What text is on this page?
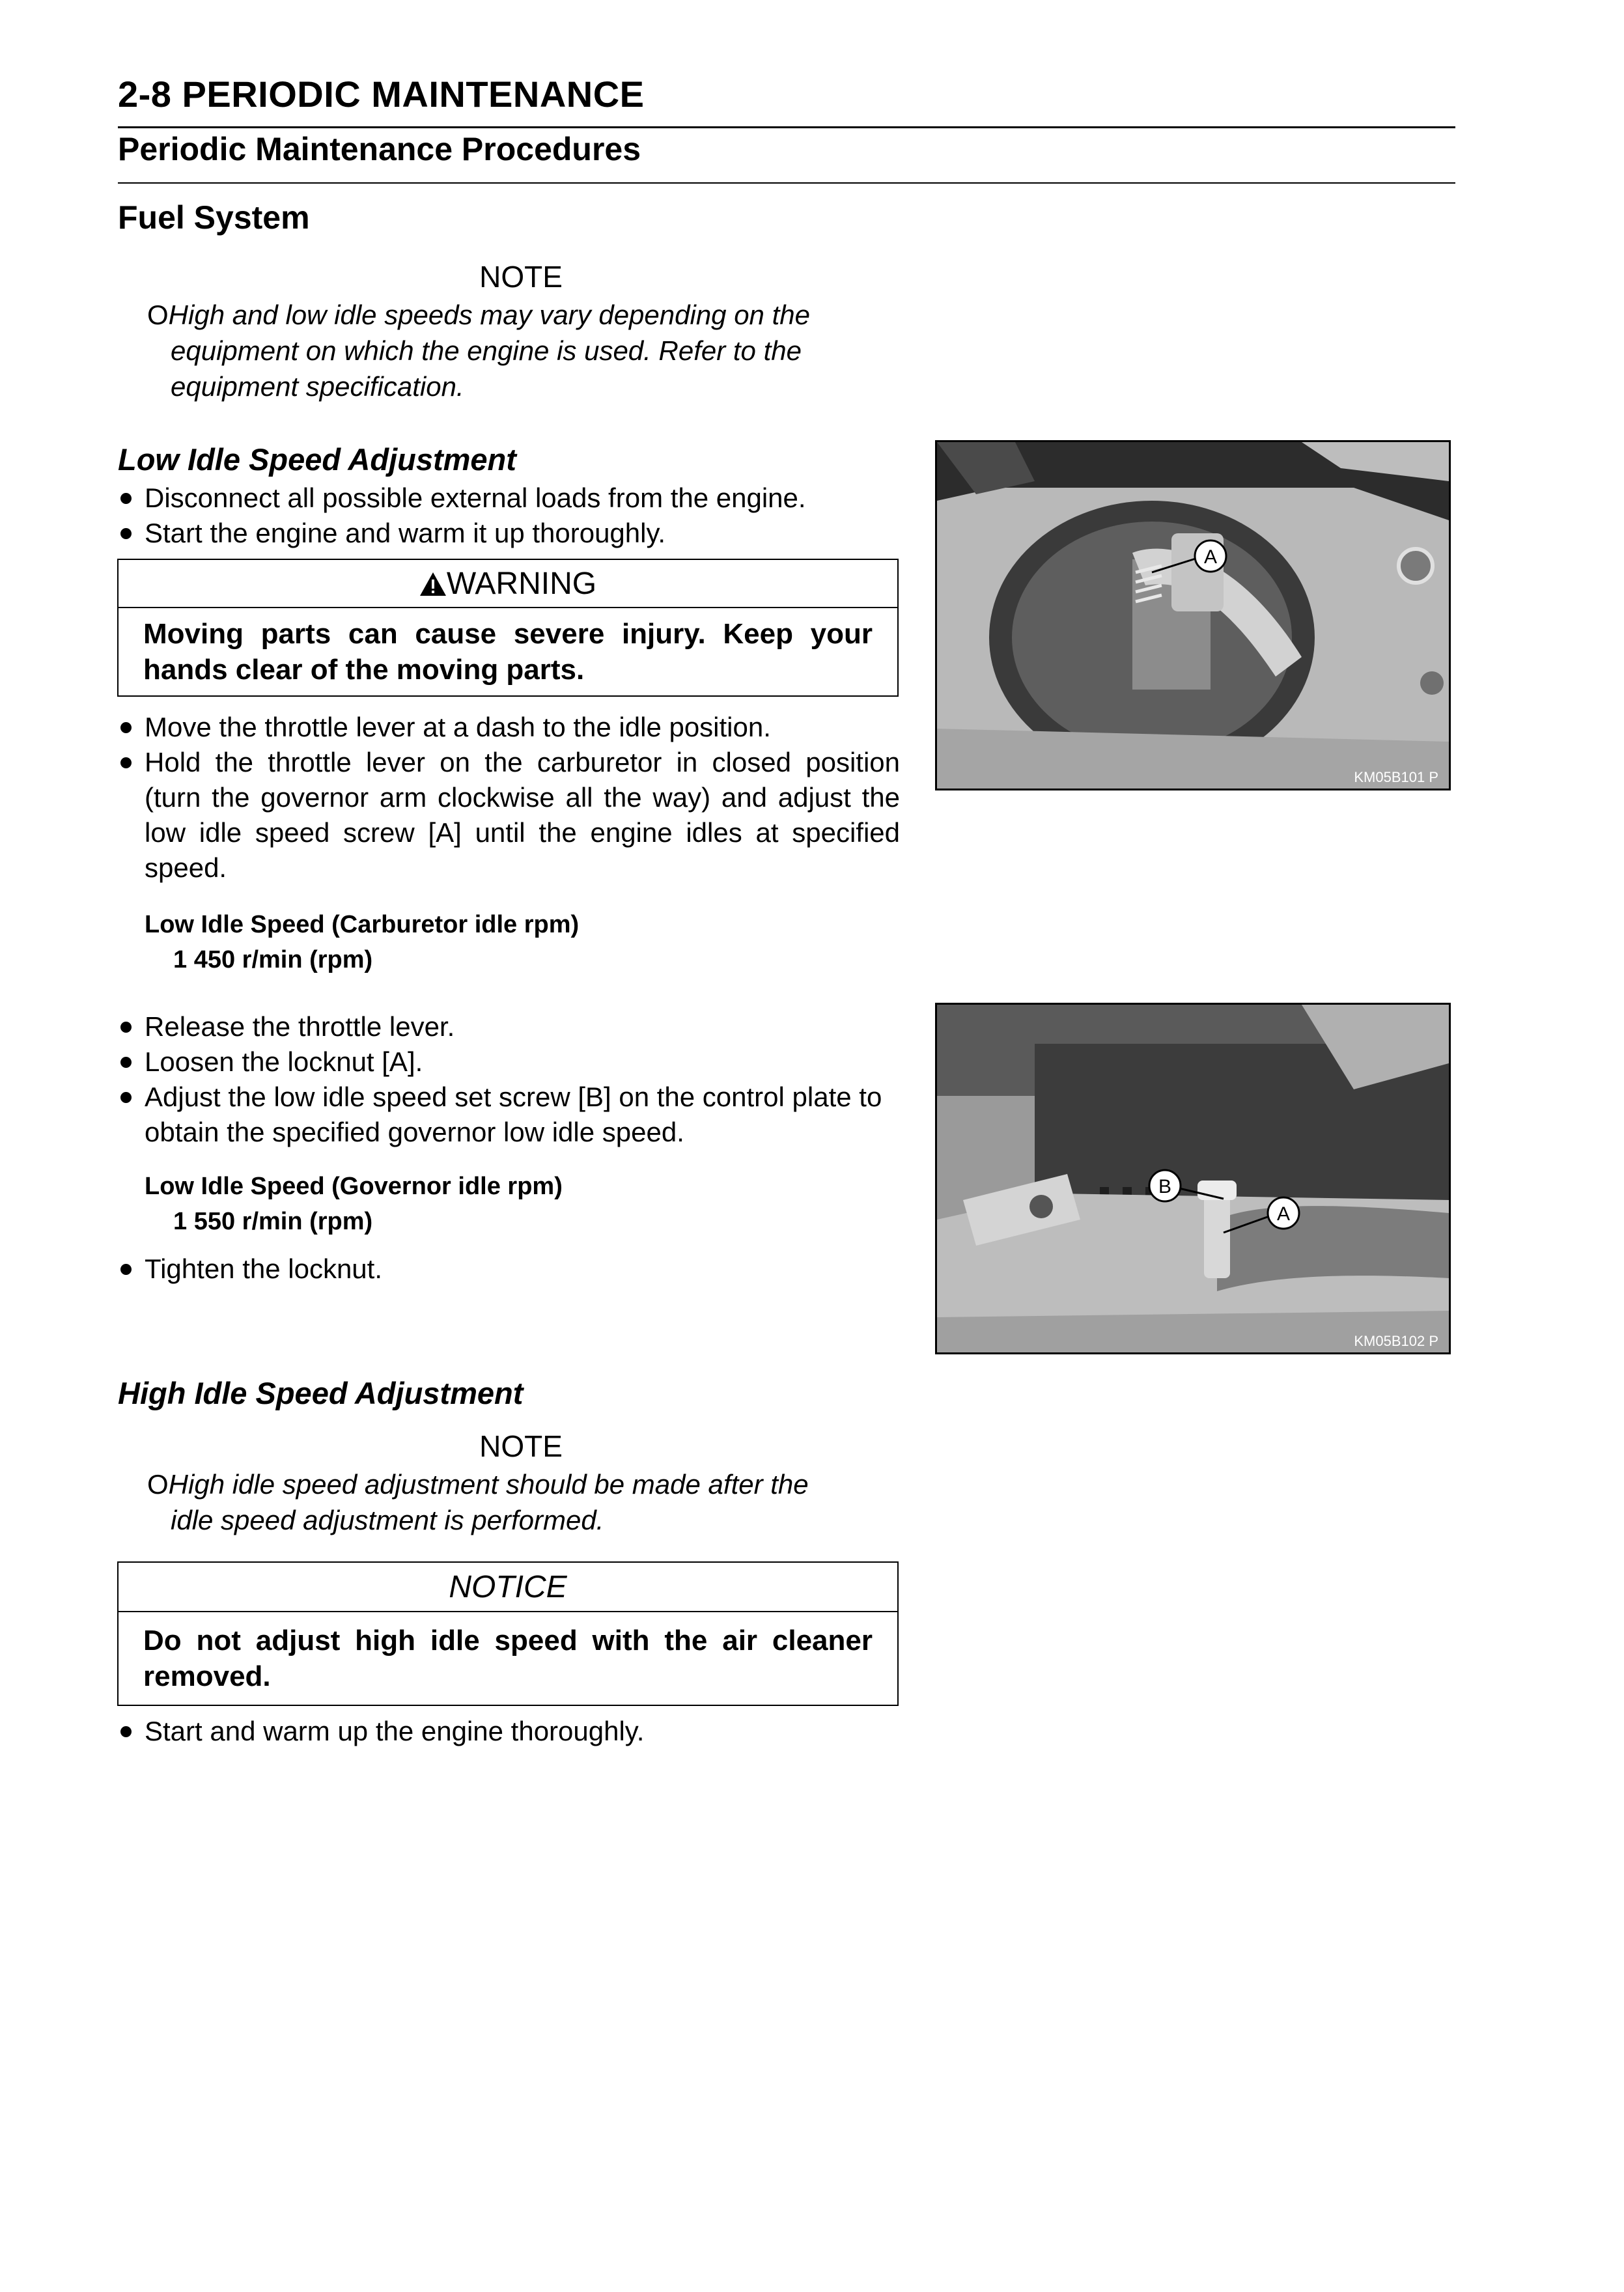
2-8 PERIODIC MAINTENANCE
Periodic Maintenance Procedures
Fuel System
NOTE
OHigh and low idle speeds may vary depending on the
equipment on which the engine is used. Refer to the
equipment specification.
Low Idle Speed Adjustment
Disconnect all possible external loads from the engine.
Start the engine and warm it up thoroughly.
WARNING
Moving parts can cause severe injury. Keep your hands clear of the moving parts.
Move the throttle lever at a dash to the idle position.
Hold the throttle lever on the carburetor in closed position (turn the governor arm clockwise all the way) and adjust the low idle speed screw [A] until the engine idles at specified speed.
Low Idle Speed (Carburetor idle rpm)
1 450 r/min (rpm)
Release the throttle lever.
Loosen the locknut [A].
Adjust the low idle speed set screw [B] on the control plate to obtain the specified governor low idle speed.
Low Idle Speed (Governor idle rpm)
1 550 r/min (rpm)
Tighten the locknut.
A
KM05B101 P
B
A
KM05B102 P
High Idle Speed Adjustment
NOTE
OHigh idle speed adjustment should be made after the
idle speed adjustment is performed.
NOTICE
Do not adjust high idle speed with the air cleaner removed.
Start and warm up the engine thoroughly.
